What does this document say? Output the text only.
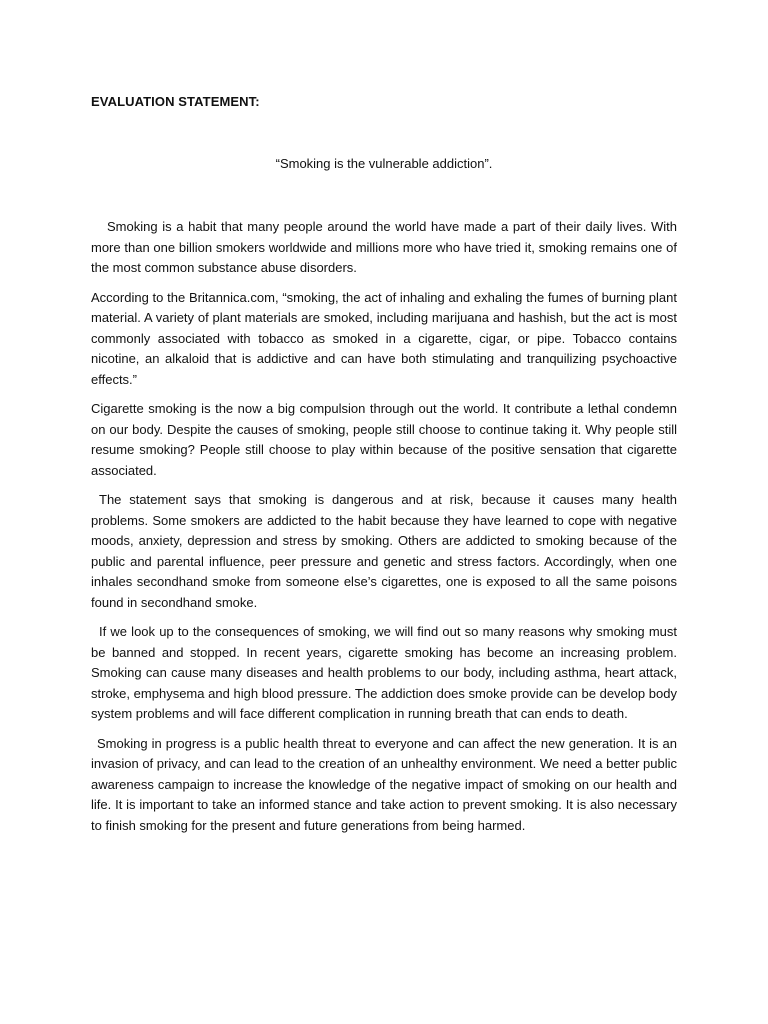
EVALUATION STATEMENT:

“Smoking is the vulnerable addiction”.

Smoking is a habit that many people around the world have made a part of their daily lives. With more than one billion smokers worldwide and millions more who have tried it, smoking remains one of the most common substance abuse disorders.

According to the Britannica.com, “smoking, the act of inhaling and exhaling the fumes of burning plant material. A variety of plant materials are smoked, including marijuana and hashish, but the act is most commonly associated with tobacco as smoked in a cigarette, cigar, or pipe. Tobacco contains nicotine, an alkaloid that is addictive and can have both stimulating and tranquilizing psychoactive effects.”

Cigarette smoking is the now a big compulsion through out the world. It contribute a lethal condemn on our body. Despite the causes of smoking, people still choose to continue taking it. Why people still resume smoking? People still choose to play within because of the positive sensation that cigarette associated.

The statement says that smoking is dangerous and at risk, because it causes many health problems. Some smokers are addicted to the habit because they have learned to cope with negative moods, anxiety, depression and stress by smoking. Others are addicted to smoking because of the public and parental influence, peer pressure and genetic and stress factors. Accordingly, when one inhales secondhand smoke from someone else’s cigarettes, one is exposed to all the same poisons found in secondhand smoke.

If we look up to the consequences of smoking, we will find out so many reasons why smoking must be banned and stopped. In recent years, cigarette smoking has become an increasing problem. Smoking can cause many diseases and health problems to our body, including asthma, heart attack, stroke, emphysema and high blood pressure. The addiction does smoke provide can be develop body system problems and will face different complication in running breath that can ends to death.

Smoking in progress is a public health threat to everyone and can affect the new generation. It is an invasion of privacy, and can lead to the creation of an unhealthy environment. We need a better public awareness campaign to increase the knowledge of the negative impact of smoking on our health and life. It is important to take an informed stance and take action to prevent smoking. It is also necessary to finish smoking for the present and future generations from being harmed.
